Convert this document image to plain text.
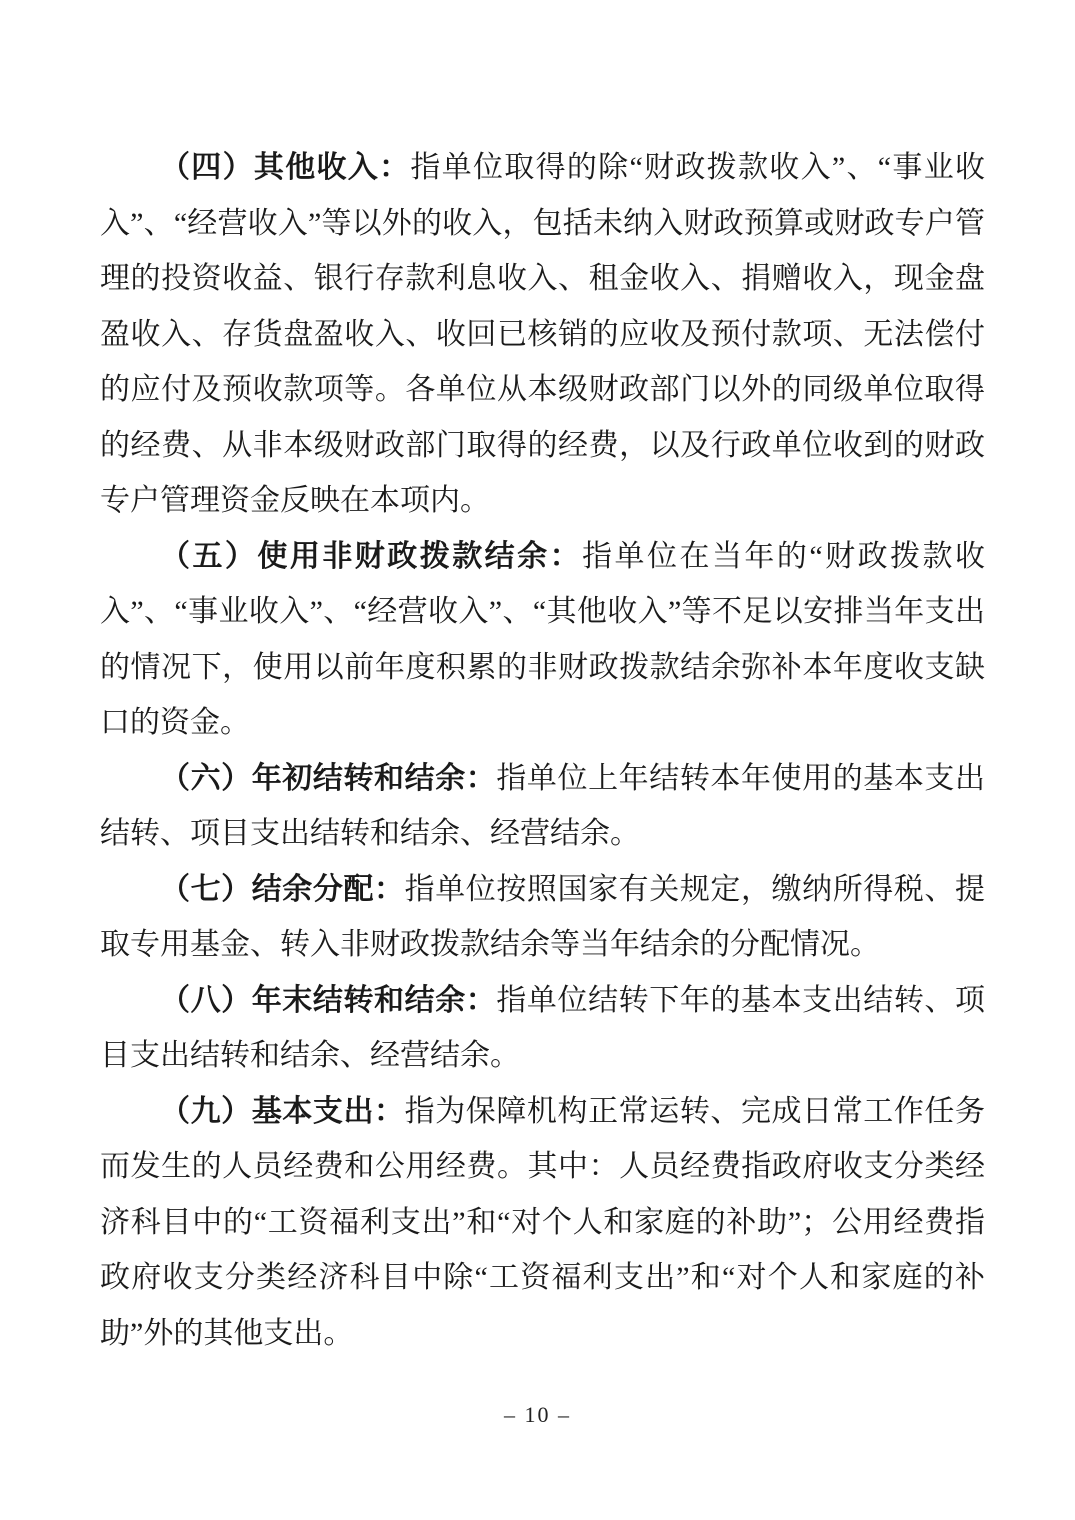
（四）其他收入：指单位取得的除“财政拨款收入”、“事业收入”、“经营收入”等以外的收入，包括未纳入财政预算或财政专户管理的投资收益、银行存款利息收入、租金收入、捐赠收入，现金盘盈收入、存货盘盈收入、收回已核销的应收及预付款项、无法偿付的应付及预收款项等。各单位从本级财政部门以外的同级单位取得的经费、从非本级财政部门取得的经费，以及行政单位收到的财政专户管理资金反映在本项内。

（五）使用非财政拨款结余：指单位在当年的“财政拨款收入”、“事业收入”、“经营收入”、“其他收入”等不足以安排当年支出的情况下，使用以前年度积累的非财政拨款结余弥补本年度收支缺口的资金。

（六）年初结转和结余：指单位上年结转本年使用的基本支出结转、项目支出结转和结余、经营结余。

（七）结余分配：指单位按照国家有关规定，缴纳所得税、提取专用基金、转入非财政拨款结余等当年结余的分配情况。

（八）年末结转和结余：指单位结转下年的基本支出结转、项目支出结转和结余、经营结余。

（九）基本支出：指为保障机构正常运转、完成日常工作任务而发生的人员经费和公用经费。其中：人员经费指政府收支分类经济科目中的“工资福利支出”和“对个人和家庭的补助”；公用经费指政府收支分类经济科目中除“工资福利支出”和“对个人和家庭的补助”外的其他支出。

– 10 –
